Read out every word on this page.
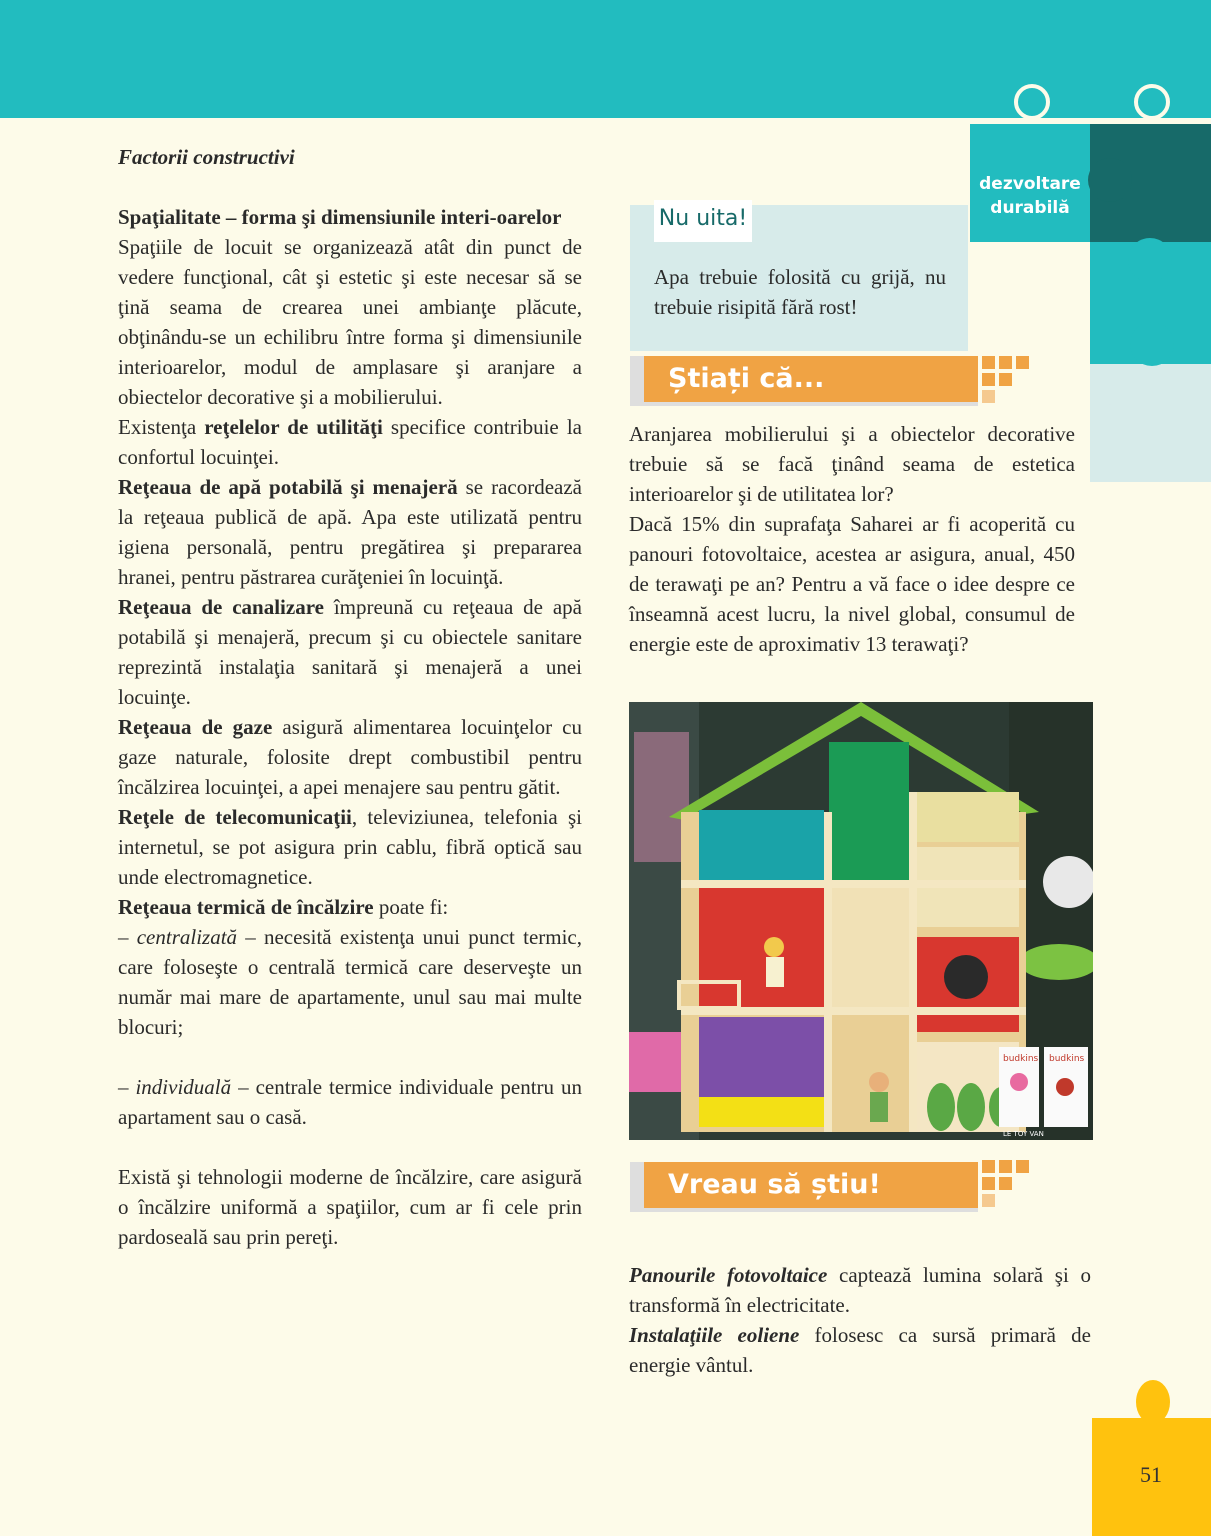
dezvoltare
durabilă

Factorii constructivi

Spaţialitate – forma şi dimensiunile interi-oarelor

Spaţiile de locuit se organizează atât din punct de vedere funcţional, cât şi estetic şi este necesar să se ţină seama de crearea unei ambianţe plăcute, obţinându-se un echilibru între forma şi dimensiunile interioarelor, modul de amplasare şi aranjare a obiectelor decorative şi a mobilierului.

Existenţa reţelelor de utilităţi specifice contribuie la confortul locuinţei.

Reţeaua de apă potabilă şi menajeră se racordează la reţeaua publică de apă. Apa este utilizată pentru igiena personală, pentru pregătirea şi prepararea hranei, pentru păstrarea curăţeniei în locuinţă.

Reţeaua de canalizare împreună cu reţeaua de apă potabilă şi menajeră, precum şi cu obiectele sanitare reprezintă instalaţia sanitară şi menajeră a unei locuinţe.

Reţeaua de gaze asigură alimentarea locuinţelor cu gaze naturale, folosite drept combustibil pentru încălzirea locuinţei, a apei menajere sau pentru gătit.

Reţele de telecomunicaţii, televiziunea, telefonia şi internetul, se pot asigura prin cablu, fibră optică sau unde electromagnetice.

Reţeaua termică de încălzire poate fi:

– centralizată – necesită existenţa unui punct termic, care foloseşte o centrală termică care deserveşte un număr mai mare de apartamente, unul sau mai multe blocuri;

– individuală – centrale termice individuale pentru un apartament sau o casă.

Există şi tehnologii moderne de încălzire, care asigură o încălzire uniformă a spaţiilor, cum ar fi cele prin pardoseală sau prin pereţi.

Nu uita!
Apa trebuie folosită cu grijă, nu trebuie risipită fără rost!
Știați că...

Aranjarea mobilierului şi a obiectelor decorative trebuie să se facă ţinând seama de estetica interioarelor şi de utilitatea lor?

Dacă 15% din suprafaţa Saharei ar fi acoperită cu panouri fotovoltaice, acestea ar asigura, anual, 450 de terawaţi pe an? Pentru a vă face o idee despre ce înseamnă acest lucru, la nivel global, consumul de energie este de aproximativ 13 terawaţi?

budkins budkins
LE TOY VAN
Vreau să știu!

Panourile fotovoltaice captează lumina solară şi o transformă în electricitate.

Instalaţiile eoliene folosesc ca sursă primară de energie vântul.

51
